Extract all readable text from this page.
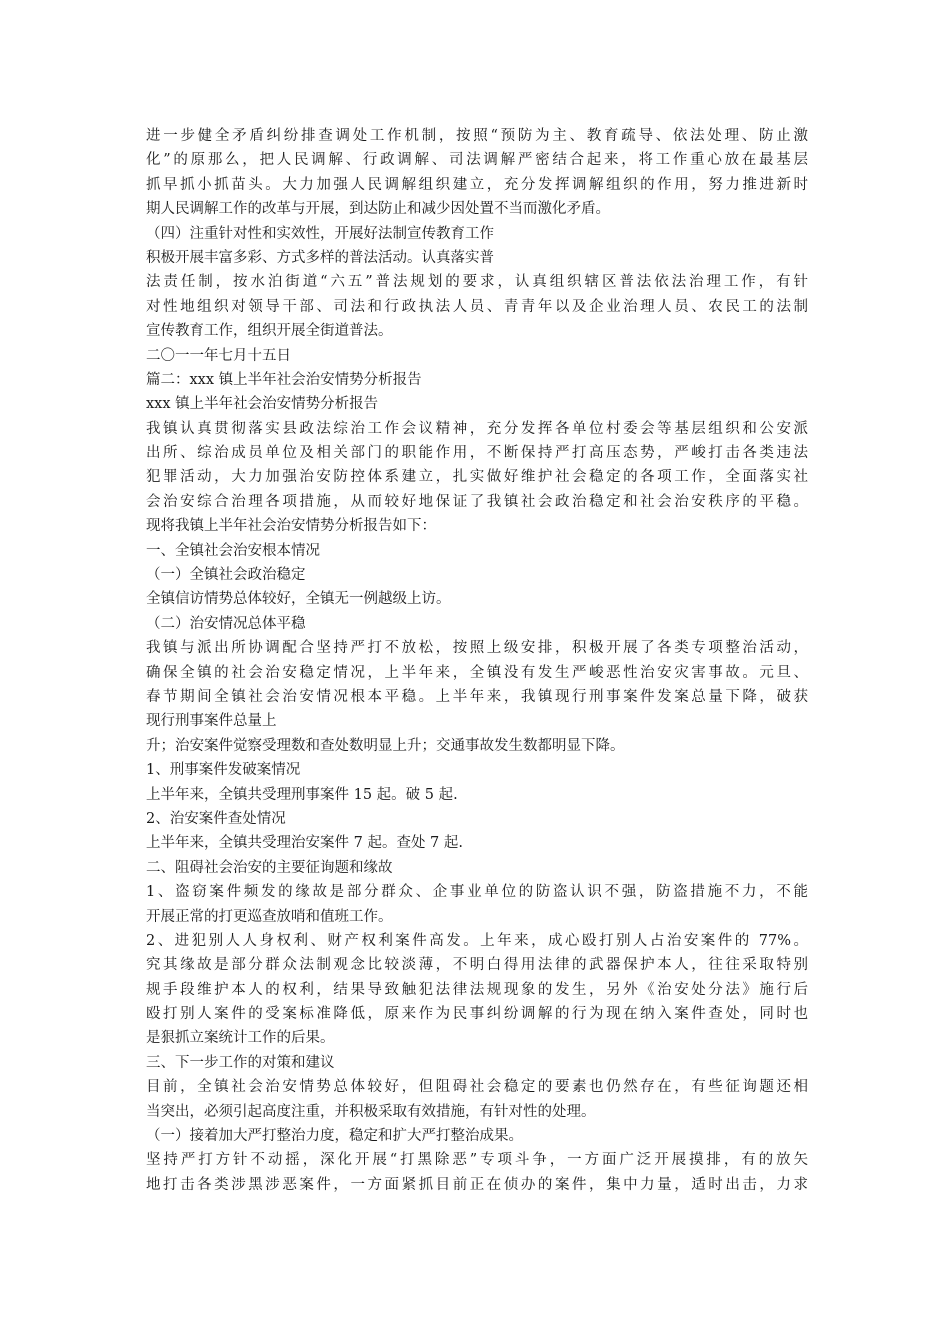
进一步健全矛盾纠纷排查调处工作机制，按照“预防为主、教育疏导、依法处理、防止激
化”的原那么，把人民调解、行政调解、司法调解严密结合起来，将工作重心放在最基层
抓早抓小抓苗头。大力加强人民调解组织建立，充分发挥调解组织的作用，努力推进新时
期人民调解工作的改革与开展，到达防止和减少因处置不当而激化矛盾。
（四）注重针对性和实效性，开展好法制宣传教育工作
积极开展丰富多彩、方式多样的普法活动。认真落实普
法责任制，按水泊街道“六五”普法规划的要求，认真组织辖区普法依法治理工作，有针
对性地组织对领导干部、司法和行政执法人员、青青年以及企业治理人员、农民工的法制
宣传教育工作，组织开展全街道普法。
二〇一一年七月十五日
篇二：xxx 镇上半年社会治安情势分析报告
xxx 镇上半年社会治安情势分析报告
我镇认真贯彻落实县政法综治工作会议精神，充分发挥各单位村委会等基层组织和公安派
出所、综治成员单位及相关部门的职能作用，不断保持严打高压态势，严峻打击各类违法
犯罪活动，大力加强治安防控体系建立，扎实做好维护社会稳定的各项工作，全面落实社
会治安综合治理各项措施，从而较好地保证了我镇社会政治稳定和社会治安秩序的平稳。
现将我镇上半年社会治安情势分析报告如下：
一、全镇社会治安根本情况
（一）全镇社会政治稳定
全镇信访情势总体较好，全镇无一例越级上访。
（二）治安情况总体平稳
我镇与派出所协调配合坚持严打不放松，按照上级安排，积极开展了各类专项整治活动，
确保全镇的社会治安稳定情况，上半年来，全镇没有发生严峻恶性治安灾害事故。元旦、
春节期间全镇社会治安情况根本平稳。上半年来，我镇现行刑事案件发案总量下降，破获
现行刑事案件总量上
升；治安案件觉察受理数和查处数明显上升；交通事故发生数都明显下降。
1、刑事案件发破案情况
上半年来，全镇共受理刑事案件 15 起。破 5 起.
2、治安案件查处情况
上半年来，全镇共受理治安案件 7 起。查处 7 起.
二、阻碍社会治安的主要征询题和缘故
1、盗窃案件频发的缘故是部分群众、企事业单位的防盗认识不强，防盗措施不力，不能
开展正常的打更巡查放哨和值班工作。
2、进犯别人人身权利、财产权利案件高发。上年来，成心殴打别人占治安案件的 77%。
究其缘故是部分群众法制观念比较淡薄，不明白得用法律的武器保护本人，往往采取特别
规手段维护本人的权利，结果导致触犯法律法规现象的发生，另外《治安处分法》施行后
殴打别人案件的受案标准降低，原来作为民事纠纷调解的行为现在纳入案件查处，同时也
是狠抓立案统计工作的后果。
三、下一步工作的对策和建议
目前，全镇社会治安情势总体较好，但阻碍社会稳定的要素也仍然存在，有些征询题还相
当突出，必须引起高度注重，并积极采取有效措施，有针对性的处理。
（一）接着加大严打整治力度，稳定和扩大严打整治成果。
坚持严打方针不动摇，深化开展“打黑除恶”专项斗争，一方面广泛开展摸排，有的放矢
地打击各类涉黑涉恶案件，一方面紧抓目前正在侦办的案件，集中力量，适时出击，力求
